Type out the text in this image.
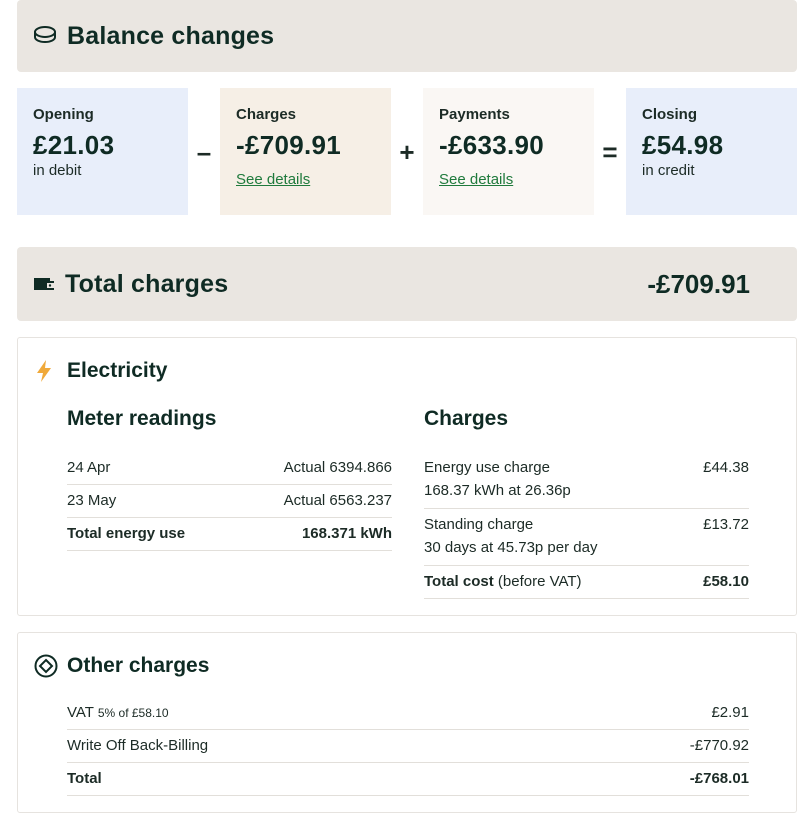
Balance changes
Opening
£21.03
in debit
–
Charges
-£709.91
See details
+
Payments
-£633.90
See details
=
Closing
£54.98
in credit
Total charges	-£709.91
Electricity
Meter readings
24 Apr	Actual 6394.866
23 May	Actual 6563.237
Total energy use	168.371 kWh
Charges
Energy use charge
168.37 kWh at 26.36p
£44.38
Standing charge
30 days at 45.73p per day
£13.72
Total cost (before VAT)	£58.10
Other charges
VAT 5% of £58.10	£2.91
Write Off Back-Billing	-£770.92
Total	-£768.01
